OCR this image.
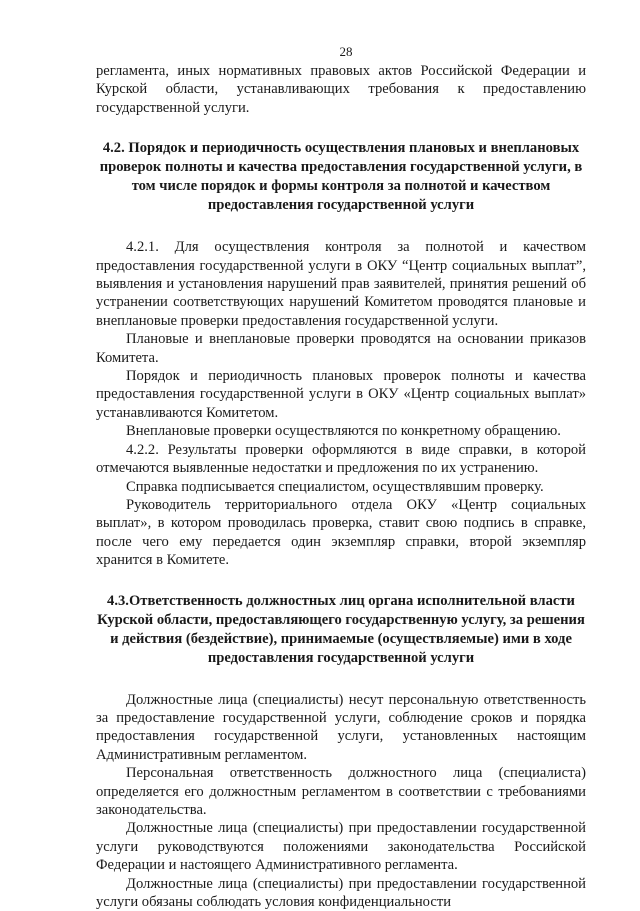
28

регламента, иных нормативных правовых актов Российской Федерации и Курской области, устанавливающих требования к предоставлению государственной услуги.

4.2. Порядок и периодичность осуществления плановых и внеплановых проверок полноты и качества предоставления государственной услуги, в том числе порядок и формы контроля за полнотой и качеством предоставления государственной услуги

4.2.1. Для осуществления контроля за полнотой и качеством предоставления государственной услуги в ОКУ “Центр социальных выплат”, выявления и установления нарушений прав заявителей, принятия решений об устранении соответствующих нарушений Комитетом проводятся плановые и внеплановые проверки предоставления государственной услуги.

Плановые и внеплановые проверки проводятся на основании приказов Комитета.

Порядок и периодичность плановых проверок полноты и качества предоставления государственной услуги в ОКУ «Центр социальных выплат» устанавливаются Комитетом.

Внеплановые проверки осуществляются по конкретному обращению.

4.2.2. Результаты проверки оформляются в виде справки, в которой отмечаются выявленные недостатки и предложения по их устранению.

Справка подписывается специалистом, осуществлявшим проверку.

Руководитель территориального отдела ОКУ «Центр социальных выплат», в котором проводилась проверка, ставит свою подпись в справке, после чего ему передается один экземпляр справки, второй экземпляр хранится в Комитете.

4.3.Ответственность должностных лиц органа исполнительной власти Курской области, предоставляющего государственную услугу, за решения и действия (бездействие), принимаемые (осуществляемые) ими в ходе предоставления государственной услуги

Должностные лица (специалисты) несут персональную ответственность за предоставление государственной услуги, соблюдение сроков и порядка предоставления государственной услуги, установленных настоящим Административным регламентом.

Персональная ответственность должностного лица (специалиста) определяется его должностным регламентом в соответствии с требованиями законодательства.

Должностные лица (специалисты) при предоставлении государственной услуги руководствуются положениями законодательства Российской Федерации и настоящего Административного регламента.

Должностные лица (специалисты) при предоставлении государственной услуги обязаны соблюдать условия конфиденциальности
